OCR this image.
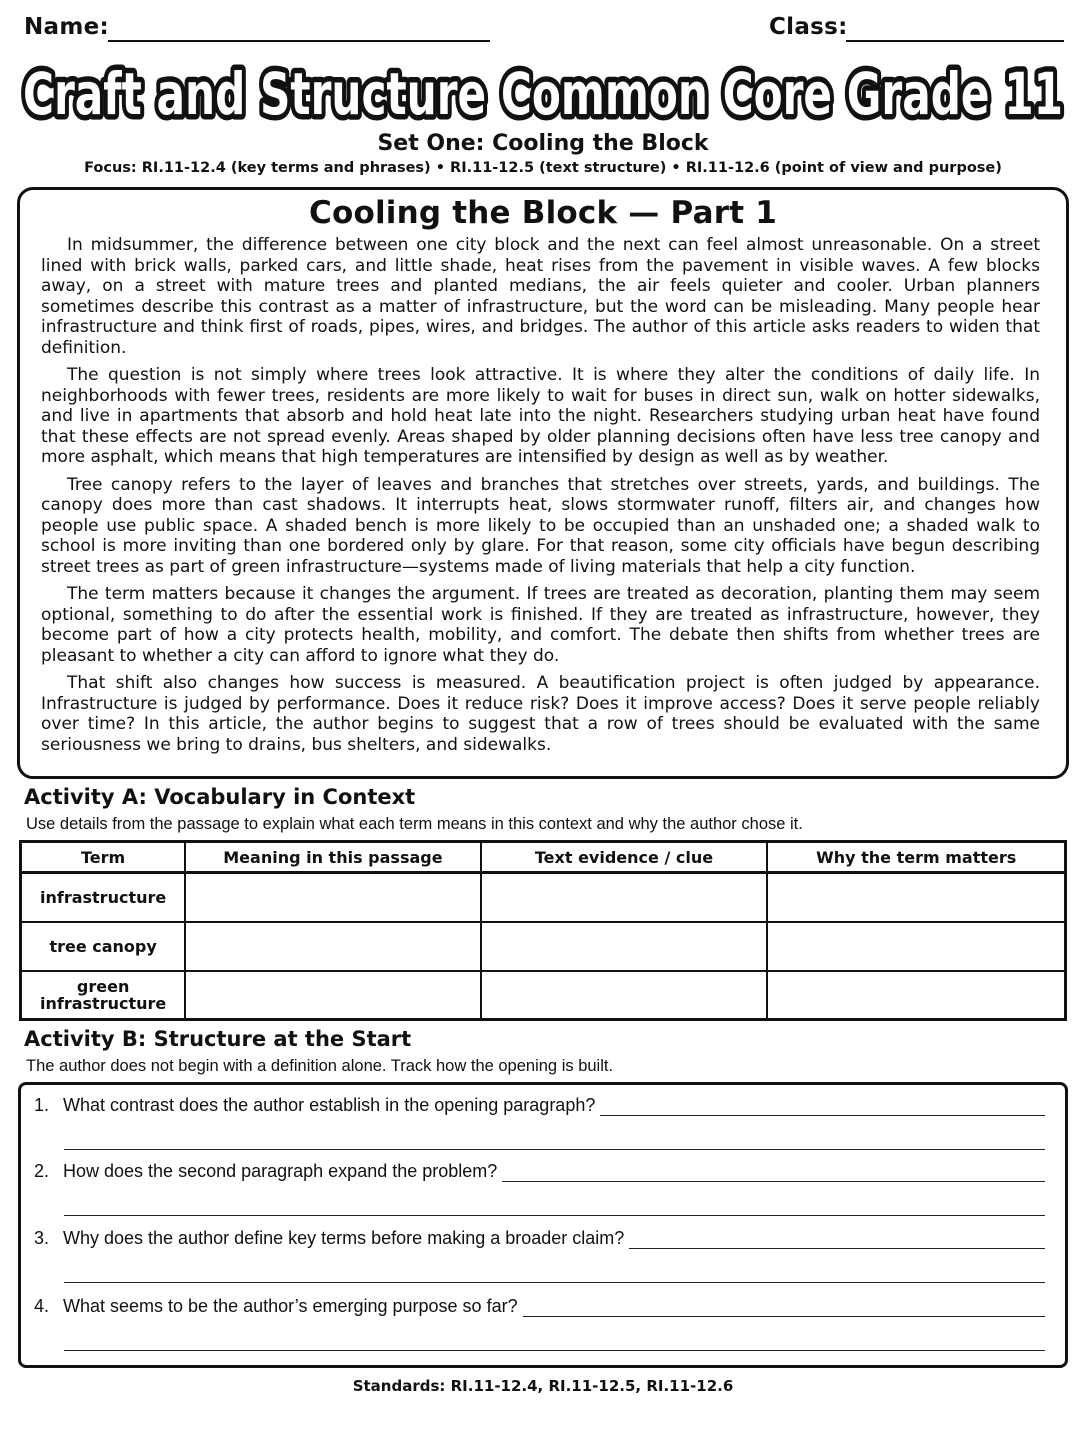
Name:	Class:
Craft and Structure Common Core Grade 11
Set One: Cooling the Block
Focus: RI.11-12.4 (key terms and phrases) • RI.11-12.5 (text structure) • RI.11-12.6 (point of view and purpose)
Cooling the Block — Part 1

In midsummer, the difference between one city block and the next can feel almost unreasonable. On a street lined with brick walls, parked cars, and little shade, heat rises from the pavement in visible waves. A few blocks away, on a street with mature trees and planted medians, the air feels quieter and cooler. Urban planners sometimes describe this contrast as a matter of infrastructure, but the word can be misleading. Many people hear infrastructure and think first of roads, pipes, wires, and bridges. The author of this article asks readers to widen that definition.

The question is not simply where trees look attractive. It is where they alter the conditions of daily life. In neighborhoods with fewer trees, residents are more likely to wait for buses in direct sun, walk on hotter sidewalks, and live in apartments that absorb and hold heat late into the night. Researchers studying urban heat have found that these effects are not spread evenly. Areas shaped by older planning decisions often have less tree canopy and more asphalt, which means that high temperatures are intensified by design as well as by weather.

Tree canopy refers to the layer of leaves and branches that stretches over streets, yards, and buildings. The canopy does more than cast shadows. It interrupts heat, slows stormwater runoff, filters air, and changes how people use public space. A shaded bench is more likely to be occupied than an unshaded one; a shaded walk to school is more inviting than one bordered only by glare. For that reason, some city officials have begun describing street trees as part of green infrastructure—systems made of living materials that help a city function.

The term matters because it changes the argument. If trees are treated as decoration, planting them may seem optional, something to do after the essential work is finished. If they are treated as infrastructure, however, they become part of how a city protects health, mobility, and comfort. The debate then shifts from whether trees are pleasant to whether a city can afford to ignore what they do.

That shift also changes how success is measured. A beautification project is often judged by appearance. Infrastructure is judged by performance. Does it reduce risk? Does it improve access? Does it serve people reliably over time? In this article, the author begins to suggest that a row of trees should be evaluated with the same seriousness we bring to drains, bus shelters, and sidewalks.

Activity A: Vocabulary in Context
Use details from the passage to explain what each term means in this context and why the author chose it.
Term	Meaning in this passage	Text evidence / clue	Why the term matters
infrastructure			
tree canopy			
green infrastructure			
Activity B: Structure at the Start
The author does not begin with a definition alone. Track how the opening is built.
1. What contrast does the author establish in the opening paragraph?
2. How does the second paragraph expand the problem?
3. Why does the author define key terms before making a broader claim?
4. What seems to be the author’s emerging purpose so far?
Standards: RI.11-12.4, RI.11-12.5, RI.11-12.6
